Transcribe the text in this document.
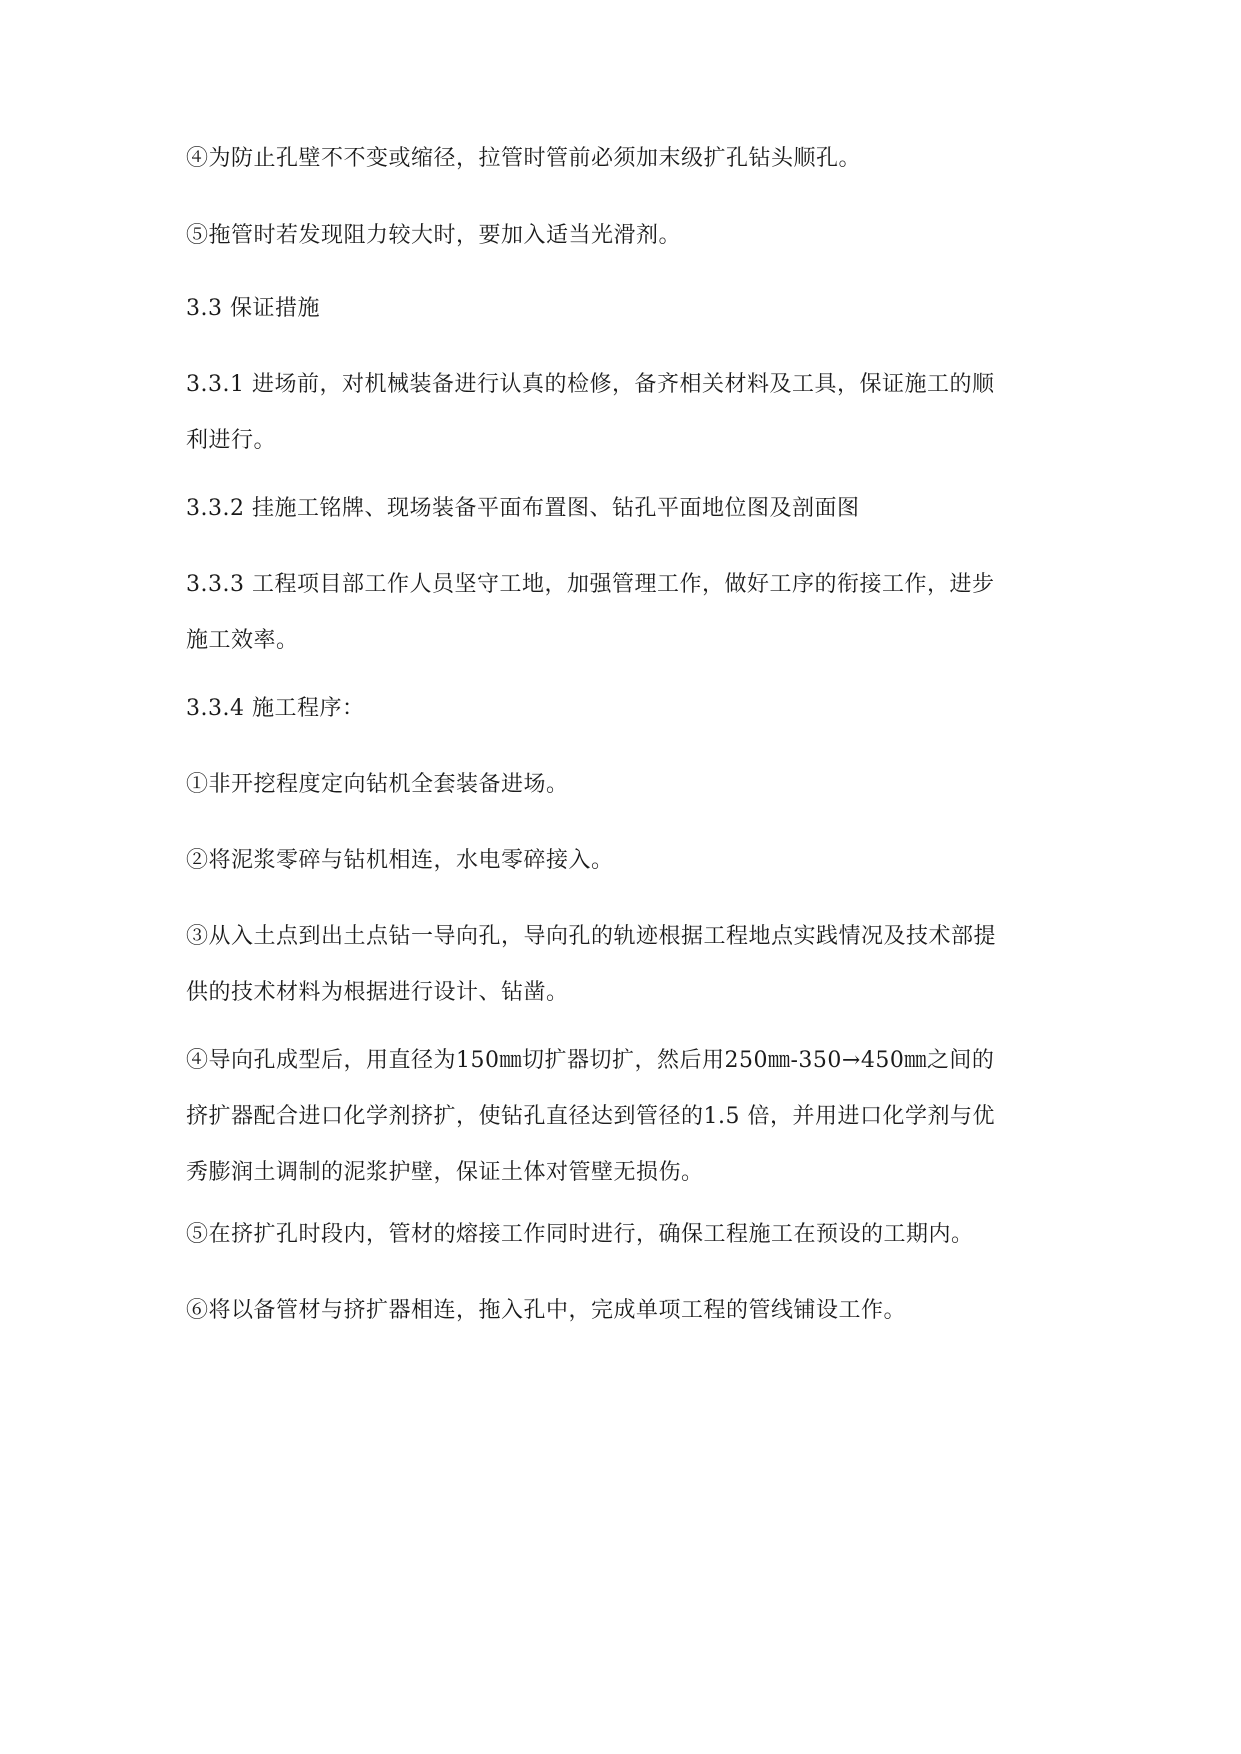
④为防止孔壁不不变或缩径，拉管时管前必须加末级扩孔钻头顺孔。

⑤拖管时若发现阻力较大时，要加入适当光滑剂。

3.3 保证措施

3.3.1 进场前，对机械装备进行认真的检修，备齐相关材料及工具，保证施工的顺
利进行。

3.3.2 挂施工铭牌、现场装备平面布置图、钻孔平面地位图及剖面图

3.3.3 工程项目部工作人员坚守工地，加强管理工作，做好工序的衔接工作，进步
施工效率。

3.3.4 施工程序：

①非开挖程度定向钻机全套装备进场。

②将泥浆零碎与钻机相连，水电零碎接入。

③从入土点到出土点钻一导向孔，导向孔的轨迹根据工程地点实践情况及技术部提
供的技术材料为根据进行设计、钻凿。

④导向孔成型后，用直径为150㎜切扩器切扩，然后用250㎜-350→450㎜之间的
挤扩器配合进口化学剂挤扩，使钻孔直径达到管径的1.5 倍，并用进口化学剂与优
秀膨润土调制的泥浆护壁，保证土体对管壁无损伤。

⑤在挤扩孔时段内，管材的熔接工作同时进行，确保工程施工在预设的工期内。

⑥将以备管材与挤扩器相连，拖入孔中，完成单项工程的管线铺设工作。
